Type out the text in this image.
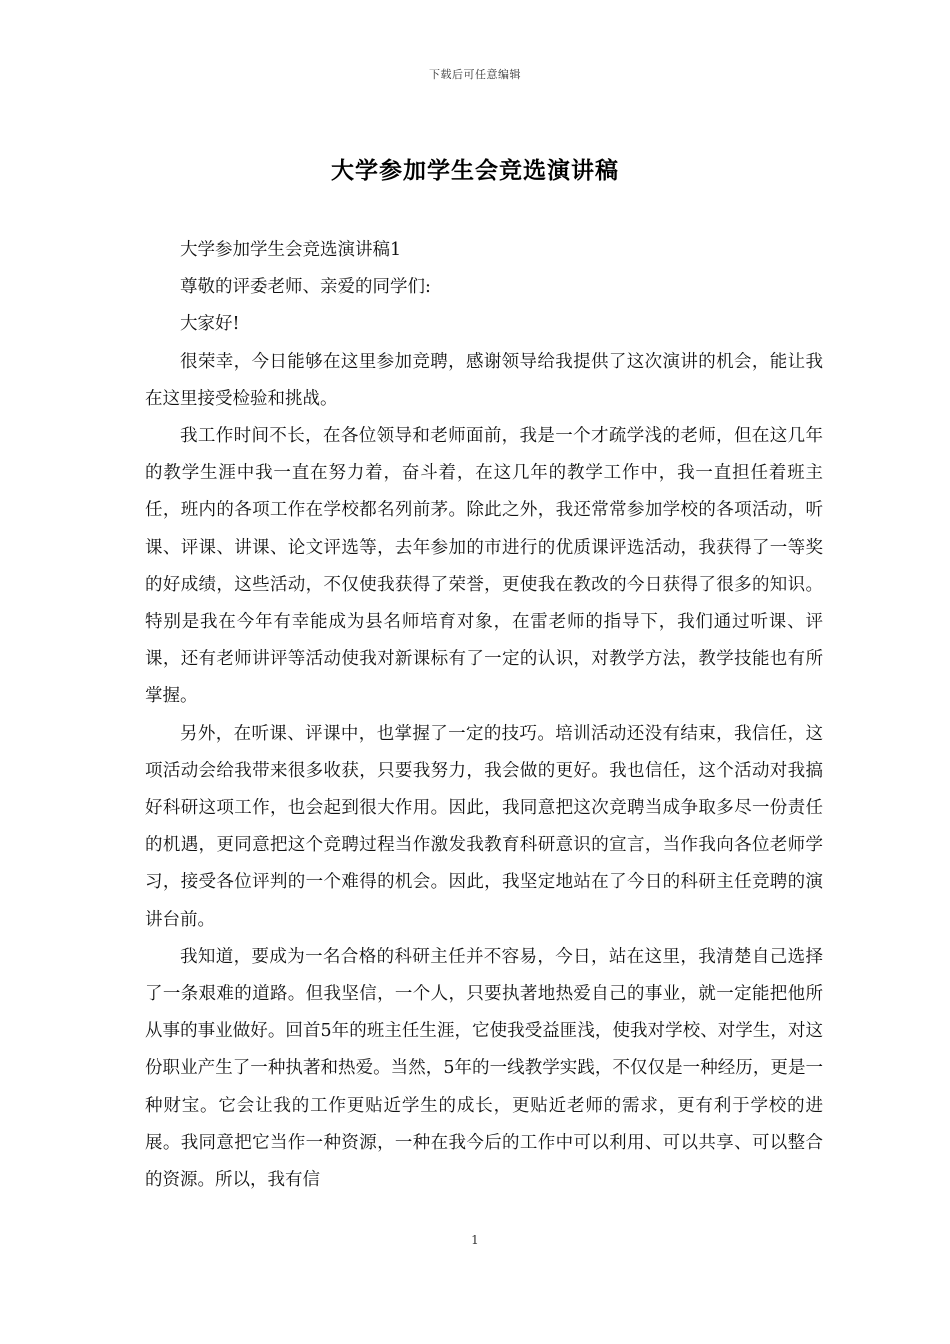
下载后可任意编辑
大学参加学生会竞选演讲稿

大学参加学生会竞选演讲稿1

尊敬的评委老师、亲爱的同学们:

大家好!

很荣幸，今日能够在这里参加竞聘，感谢领导给我提供了这次演讲的机会，能让我在这里接受检验和挑战。

我工作时间不长，在各位领导和老师面前，我是一个才疏学浅的老师，但在这几年的教学生涯中我一直在努力着，奋斗着，在这几年的教学工作中，我一直担任着班主任，班内的各项工作在学校都名列前茅。除此之外，我还常常参加学校的各项活动，听课、评课、讲课、论文评选等，去年参加的市进行的优质课评选活动，我获得了一等奖的好成绩，这些活动，不仅使我获得了荣誉，更使我在教改的今日获得了很多的知识。特别是我在今年有幸能成为县名师培育对象，在雷老师的指导下，我们通过听课、评课，还有老师讲评等活动使我对新课标有了一定的认识，对教学方法，教学技能也有所掌握。

另外，在听课、评课中，也掌握了一定的技巧。培训活动还没有结束，我信任，这项活动会给我带来很多收获，只要我努力，我会做的更好。我也信任，这个活动对我搞好科研这项工作，也会起到很大作用。因此，我同意把这次竞聘当成争取多尽一份责任的机遇，更同意把这个竞聘过程当作激发我教育科研意识的宣言，当作我向各位老师学习，接受各位评判的一个难得的机会。因此，我坚定地站在了今日的科研主任竞聘的演讲台前。

我知道，要成为一名合格的科研主任并不容易，今日，站在这里，我清楚自己选择了一条艰难的道路。但我坚信，一个人，只要执著地热爱自己的事业，就一定能把他所从事的事业做好。回首5年的班主任生涯，它使我受益匪浅，使我对学校、对学生，对这份职业产生了一种执著和热爱。当然，5年的一线教学实践，不仅仅是一种经历，更是一种财宝。它会让我的工作更贴近学生的成长，更贴近老师的需求，更有利于学校的进展。我同意把它当作一种资源，一种在我今后的工作中可以利用、可以共享、可以整合的资源。所以，我有信

1
